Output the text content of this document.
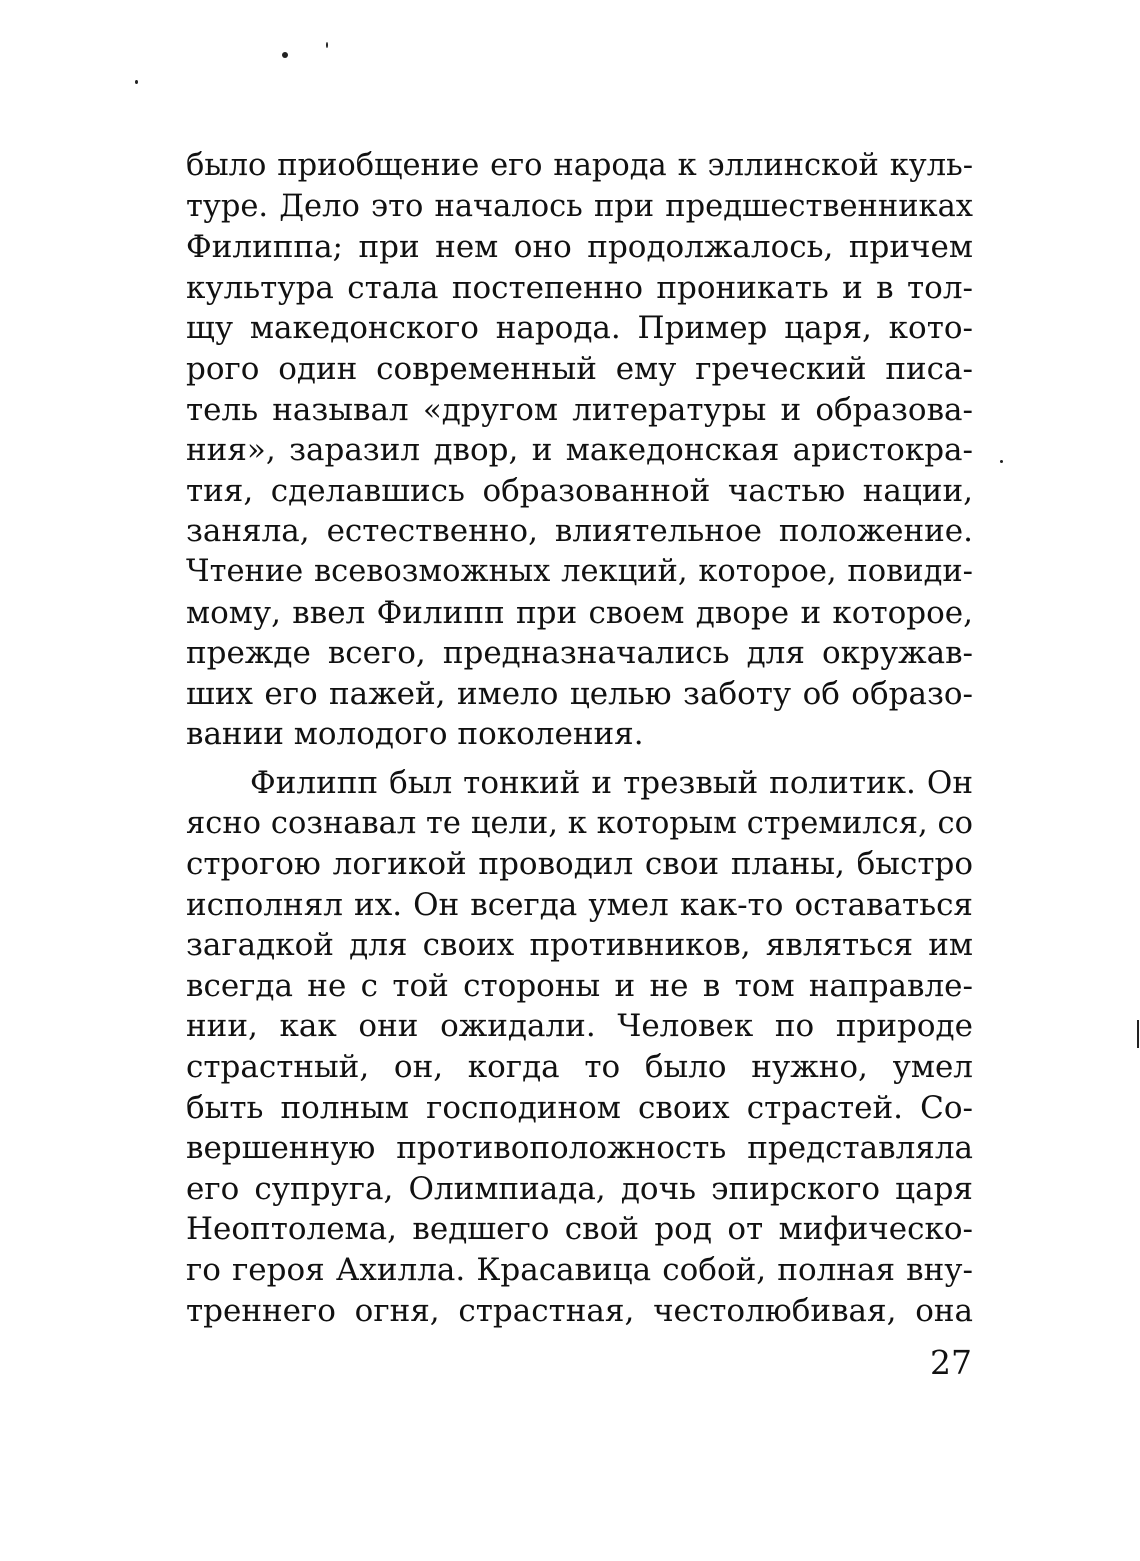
было приобщение его народа к эллинской куль-
туре. Дело это началось при предшественниках
Филиппа; при нем оно продолжалось, причем
культура стала постепенно проникать и в тол-
щу македонского народа. Пример царя, кото-
рого один современный ему греческий писа-
тель называл «другом литературы и образова-
ния», заразил двор, и македонская аристокра-
тия, сделавшись образованной частью нации,
заняла, естественно, влиятельное положение.
Чтение всевозможных лекций, которое, повиди-
мому, ввел Филипп при своем дворе и которое,
прежде всего, предназначались для окружав-
ших его пажей, имело целью заботу об образо-
вании молодого поколения.
Филипп был тонкий и трезвый политик. Он
ясно сознавал те цели, к которым стремился, со
строгою логикой проводил свои планы, быстро
исполнял их. Он всегда умел как-то оставаться
загадкой для своих противников, являться им
всегда не с той стороны и не в том направле-
нии, как они ожидали. Человек по природе
страстный, он, когда то было нужно, умел
быть полным господином своих страстей. Со-
вершенную противоположность представляла
его супруга, Олимпиада, дочь эпирского царя
Неоптолема, ведшего свой род от мифическо-
го героя Ахилла. Красавица собой, полная вну-
треннего огня, страстная, честолюбивая, она
27
